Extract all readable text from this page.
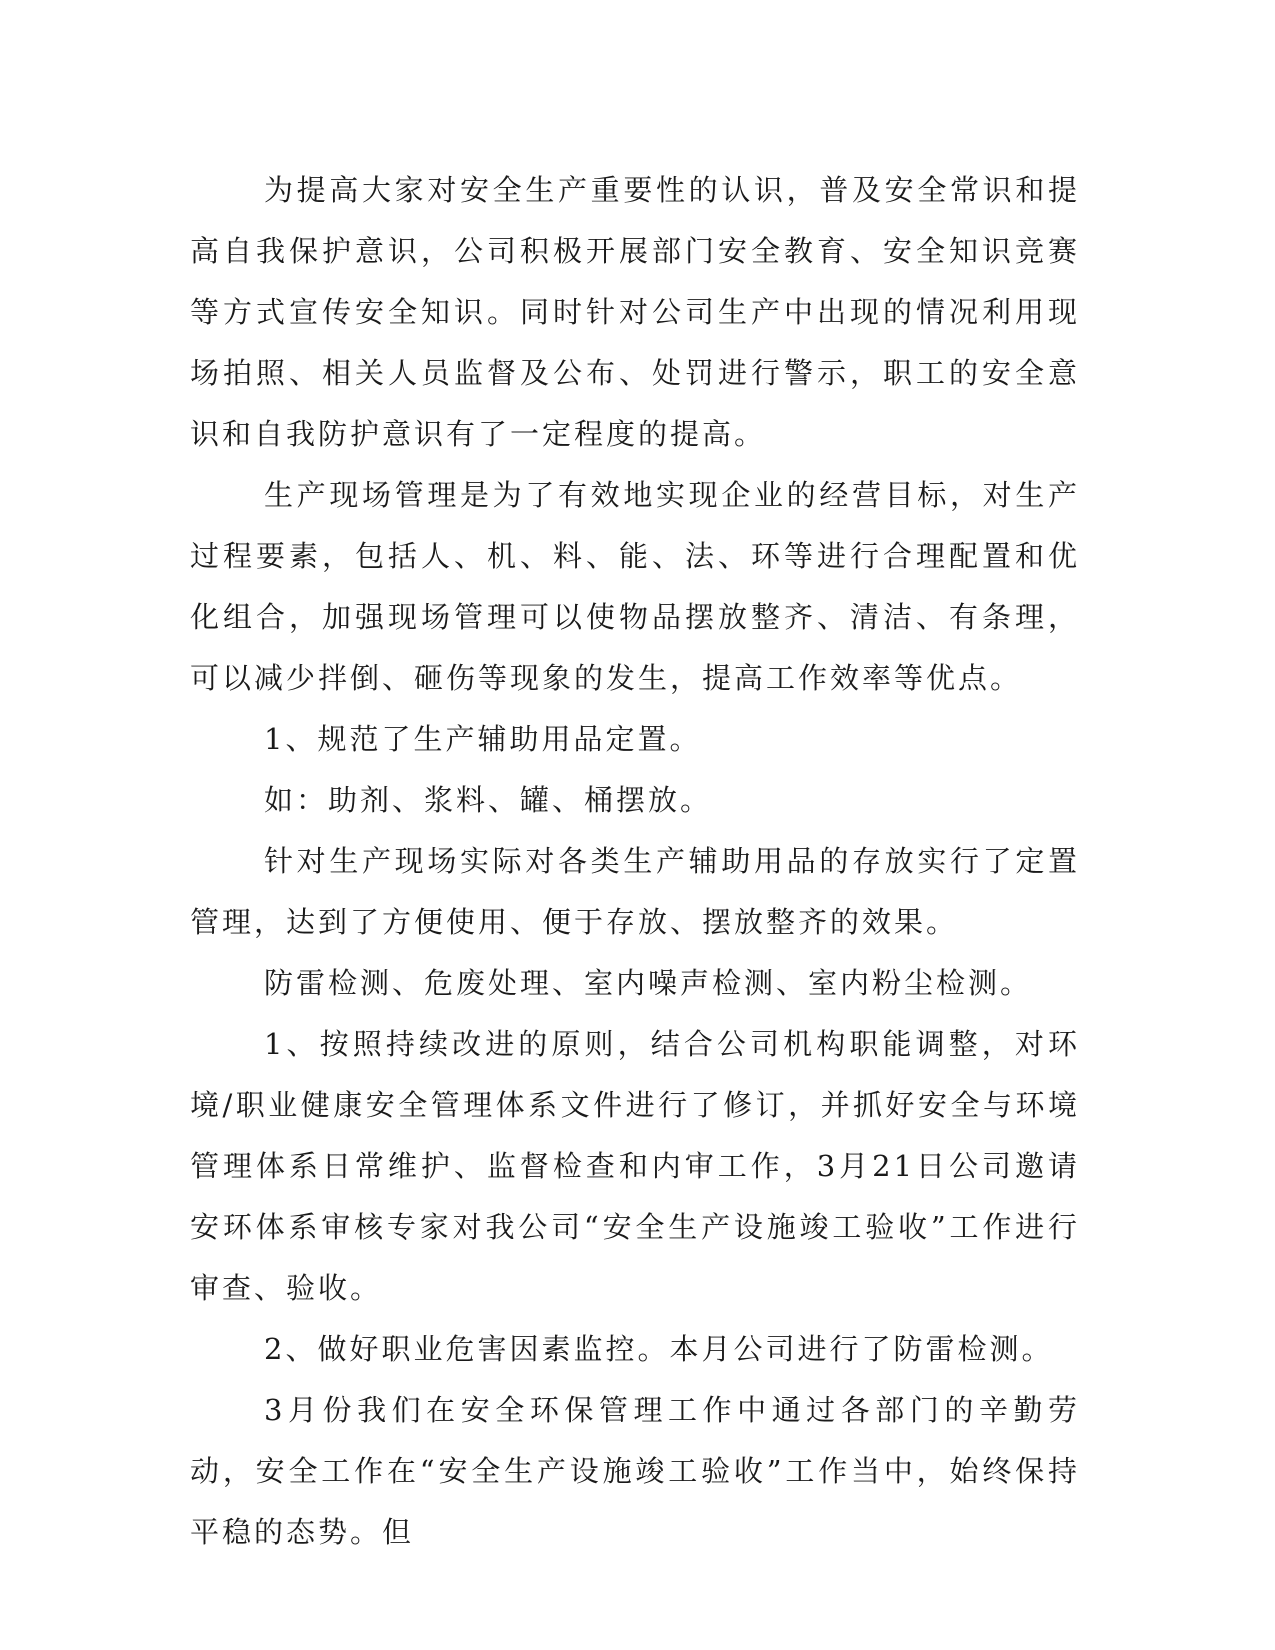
为提高大家对安全生产重要性的认识，普及安全常识和提高自我保护意识，公司积极开展部门安全教育、安全知识竞赛等方式宣传安全知识。同时针对公司生产中出现的情况利用现场拍照、相关人员监督及公布、处罚进行警示，职工的安全意识和自我防护意识有了一定程度的提高。

生产现场管理是为了有效地实现企业的经营目标，对生产过程要素，包括人、机、料、能、法、环等进行合理配置和优化组合，加强现场管理可以使物品摆放整齐、清洁、有条理，可以减少拌倒、砸伤等现象的发生，提高工作效率等优点。

1、规范了生产辅助用品定置。

如：助剂、浆料、罐、桶摆放。

针对生产现场实际对各类生产辅助用品的存放实行了定置管理，达到了方便使用、便于存放、摆放整齐的效果。

防雷检测、危废处理、室内噪声检测、室内粉尘检测。

1、按照持续改进的原则，结合公司机构职能调整，对环境/职业健康安全管理体系文件进行了修订，并抓好安全与环境管理体系日常维护、监督检查和内审工作，3月21日公司邀请安环体系审核专家对我公司“安全生产设施竣工验收”工作进行审查、验收。

2、做好职业危害因素监控。本月公司进行了防雷检测。

3月份我们在安全环保管理工作中通过各部门的辛勤劳动，安全工作在“安全生产设施竣工验收”工作当中，始终保持平稳的态势。但
